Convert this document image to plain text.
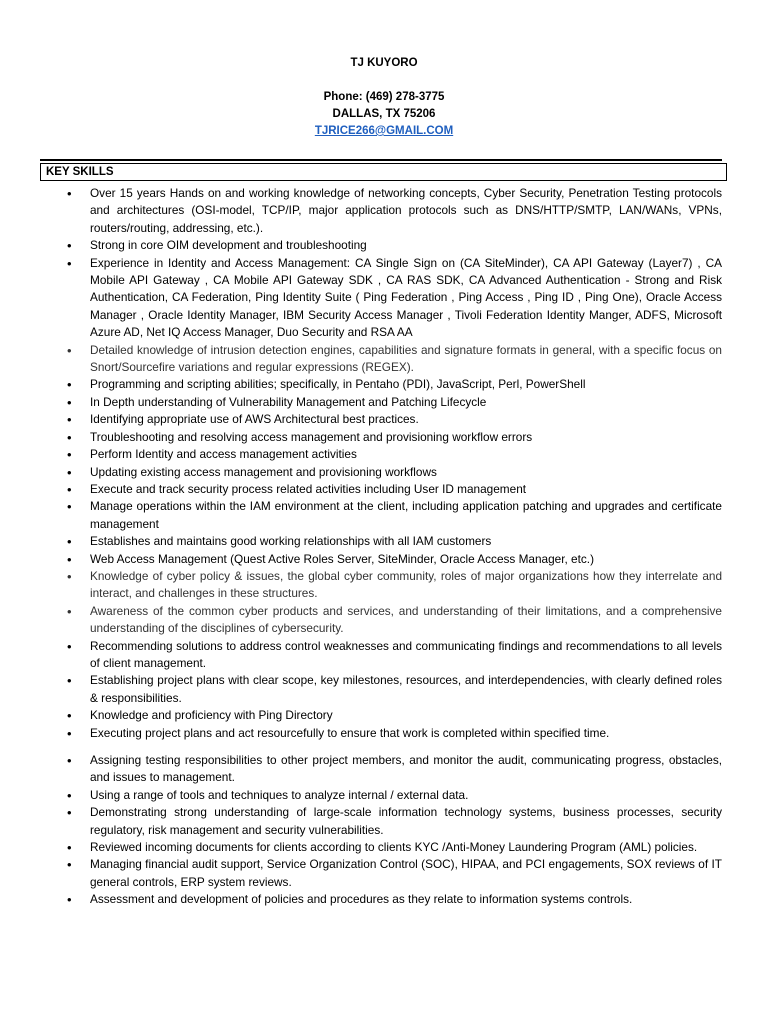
TJ KUYORO
Phone: (469) 278-3775
DALLAS, TX 75206
TJRICE266@GMAIL.COM
KEY SKILLS
• Over 15 years Hands on and working knowledge of networking concepts, Cyber Security, Penetration Testing protocols and architectures (OSI-model, TCP/IP, major application protocols such as DNS/HTTP/SMTP, LAN/WANs, VPNs, routers/routing, addressing, etc.).
• Strong in core OIM development and troubleshooting
• Experience in Identity and Access Management: CA Single Sign on (CA SiteMinder), CA API Gateway (Layer7) , CA Mobile API Gateway , CA Mobile API Gateway SDK , CA RAS SDK, CA Advanced Authentication - Strong and Risk Authentication, CA Federation, Ping Identity Suite ( Ping Federation , Ping Access , Ping ID , Ping One), Oracle Access Manager , Oracle Identity Manager, IBM Security Access Manager , Tivoli Federation Identity Manger, ADFS, Microsoft Azure AD, Net IQ Access Manager, Duo Security and RSA AA
• Detailed knowledge of intrusion detection engines, capabilities and signature formats in general, with a specific focus on Snort/Sourcefire variations and regular expressions (REGEX).
• Programming and scripting abilities; specifically, in Pentaho (PDI), JavaScript, Perl, PowerShell
• In Depth understanding of Vulnerability Management and Patching Lifecycle
• Identifying appropriate use of AWS Architectural best practices.
• Troubleshooting and resolving access management and provisioning workflow errors
• Perform Identity and access management activities
• Updating existing access management and provisioning workflows
• Execute and track security process related activities including User ID management
• Manage operations within the IAM environment at the client, including application patching and upgrades and certificate management
• Establishes and maintains good working relationships with all IAM customers
• Web Access Management (Quest Active Roles Server, SiteMinder, Oracle Access Manager, etc.)
• Knowledge of cyber policy & issues, the global cyber community, roles of major organizations how they interrelate and interact, and challenges in these structures.
• Awareness of the common cyber products and services, and understanding of their limitations, and a comprehensive understanding of the disciplines of cybersecurity.
• Recommending solutions to address control weaknesses and communicating findings and recommendations to all levels of client management.
• Establishing project plans with clear scope, key milestones, resources, and interdependencies, with clearly defined roles & responsibilities.
• Knowledge and proficiency with Ping Directory
• Executing project plans and act resourcefully to ensure that work is completed within specified time.
• Assigning testing responsibilities to other project members, and monitor the audit, communicating progress, obstacles, and issues to management.
• Using a range of tools and techniques to analyze internal / external data.
• Demonstrating strong understanding of large-scale information technology systems, business processes, security regulatory, risk management and security vulnerabilities.
• Reviewed incoming documents for clients according to clients KYC /Anti-Money Laundering Program (AML) policies.
• Managing financial audit support, Service Organization Control (SOC), HIPAA, and PCI engagements, SOX reviews of IT general controls, ERP system reviews.
• Assessment and development of policies and procedures as they relate to information systems controls.
